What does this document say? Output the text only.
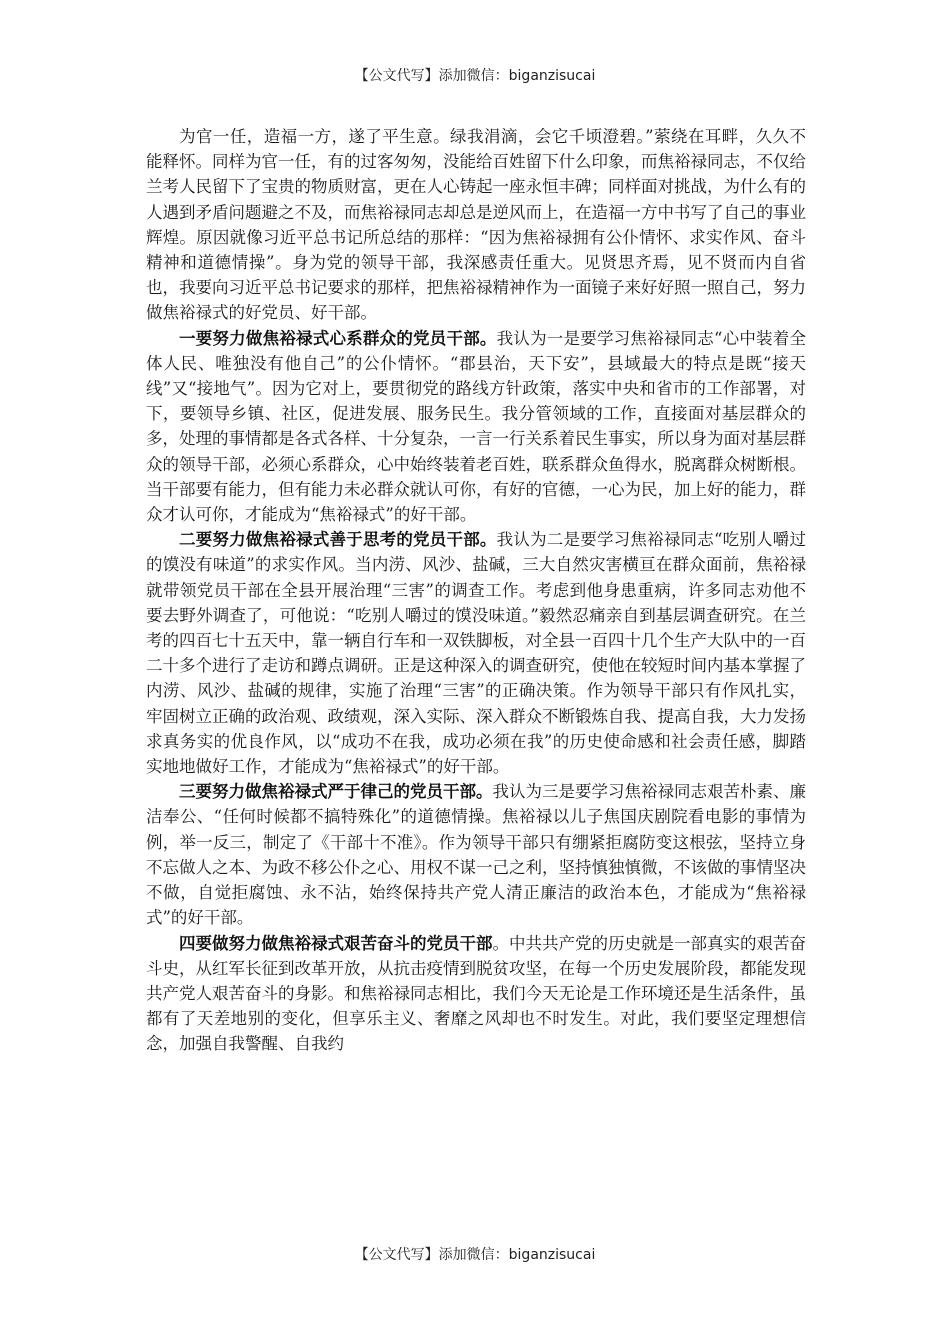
【公文代写】添加微信：biganzisucai

为官一任，造福一方，遂了平生意。绿我涓滴，会它千顷澄碧。”萦绕在耳畔，久久不能释怀。同样为官一任，有的过客匆匆，没能给百姓留下什么印象，而焦裕禄同志，不仅给兰考人民留下了宝贵的物质财富，更在人心铸起一座永恒丰碑；同样面对挑战，为什么有的人遇到矛盾问题避之不及，而焦裕禄同志却总是逆风而上，在造福一方中书写了自己的事业辉煌。原因就像习近平总书记所总结的那样：“因为焦裕禄拥有公仆情怀、求实作风、奋斗精神和道德情操”。身为党的领导干部，我深感责任重大。见贤思齐焉，见不贤而内自省也，我要向习近平总书记要求的那样，把焦裕禄精神作为一面镜子来好好照一照自己，努力做焦裕禄式的好党员、好干部。

一要努力做焦裕禄式心系群众的党员干部。我认为一是要学习焦裕禄同志“心中装着全体人民、唯独没有他自己”的公仆情怀。“郡县治，天下安”，县域最大的特点是既“接天线”又“接地气”。因为它对上，要贯彻党的路线方针政策，落实中央和省市的工作部署，对下，要领导乡镇、社区，促进发展、服务民生。我分管领域的工作，直接面对基层群众的多，处理的事情都是各式各样、十分复杂，一言一行关系着民生事实，所以身为面对基层群众的领导干部，必须心系群众，心中始终装着老百姓，联系群众鱼得水，脱离群众树断根。当干部要有能力，但有能力未必群众就认可你，有好的官德，一心为民，加上好的能力，群众才认可你，才能成为“焦裕禄式”的好干部。

二要努力做焦裕禄式善于思考的党员干部。我认为二是要学习焦裕禄同志“吃别人嚼过的馍没有味道”的求实作风。当内涝、风沙、盐碱，三大自然灾害横亘在群众面前，焦裕禄就带领党员干部在全县开展治理“三害”的调查工作。考虑到他身患重病，许多同志劝他不要去野外调查了，可他说：“吃别人嚼过的馍没味道。”毅然忍痛亲自到基层调查研究。在兰考的四百七十五天中，靠一辆自行车和一双铁脚板，对全县一百四十几个生产大队中的一百二十多个进行了走访和蹲点调研。正是这种深入的调查研究，使他在较短时间内基本掌握了内涝、风沙、盐碱的规律，实施了治理“三害”的正确决策。作为领导干部只有作风扎实，牢固树立正确的政治观、政绩观，深入实际、深入群众不断锻炼自我、提高自我，大力发扬求真务实的优良作风，以“成功不在我，成功必须在我”的历史使命感和社会责任感，脚踏实地地做好工作，才能成为“焦裕禄式”的好干部。

三要努力做焦裕禄式严于律己的党员干部。我认为三是要学习焦裕禄同志艰苦朴素、廉洁奉公、“任何时候都不搞特殊化”的道德情操。焦裕禄以儿子焦国庆剧院看电影的事情为例，举一反三，制定了《干部十不准》。作为领导干部只有绷紧拒腐防变这根弦，坚持立身不忘做人之本、为政不移公仆之心、用权不谋一己之利，坚持慎独慎微，不该做的事情坚决不做，自觉拒腐蚀、永不沾，始终保持共产党人清正廉洁的政治本色，才能成为“焦裕禄式”的好干部。

四要做努力做焦裕禄式艰苦奋斗的党员干部。中共共产党的历史就是一部真实的艰苦奋斗史，从红军长征到改革开放，从抗击疫情到脱贫攻坚，在每一个历史发展阶段，都能发现共产党人艰苦奋斗的身影。和焦裕禄同志相比，我们今天无论是工作环境还是生活条件，虽都有了天差地别的变化，但享乐主义、奢靡之风却也不时发生。对此，我们要坚定理想信念，加强自我警醒、自我约

【公文代写】添加微信：biganzisucai
